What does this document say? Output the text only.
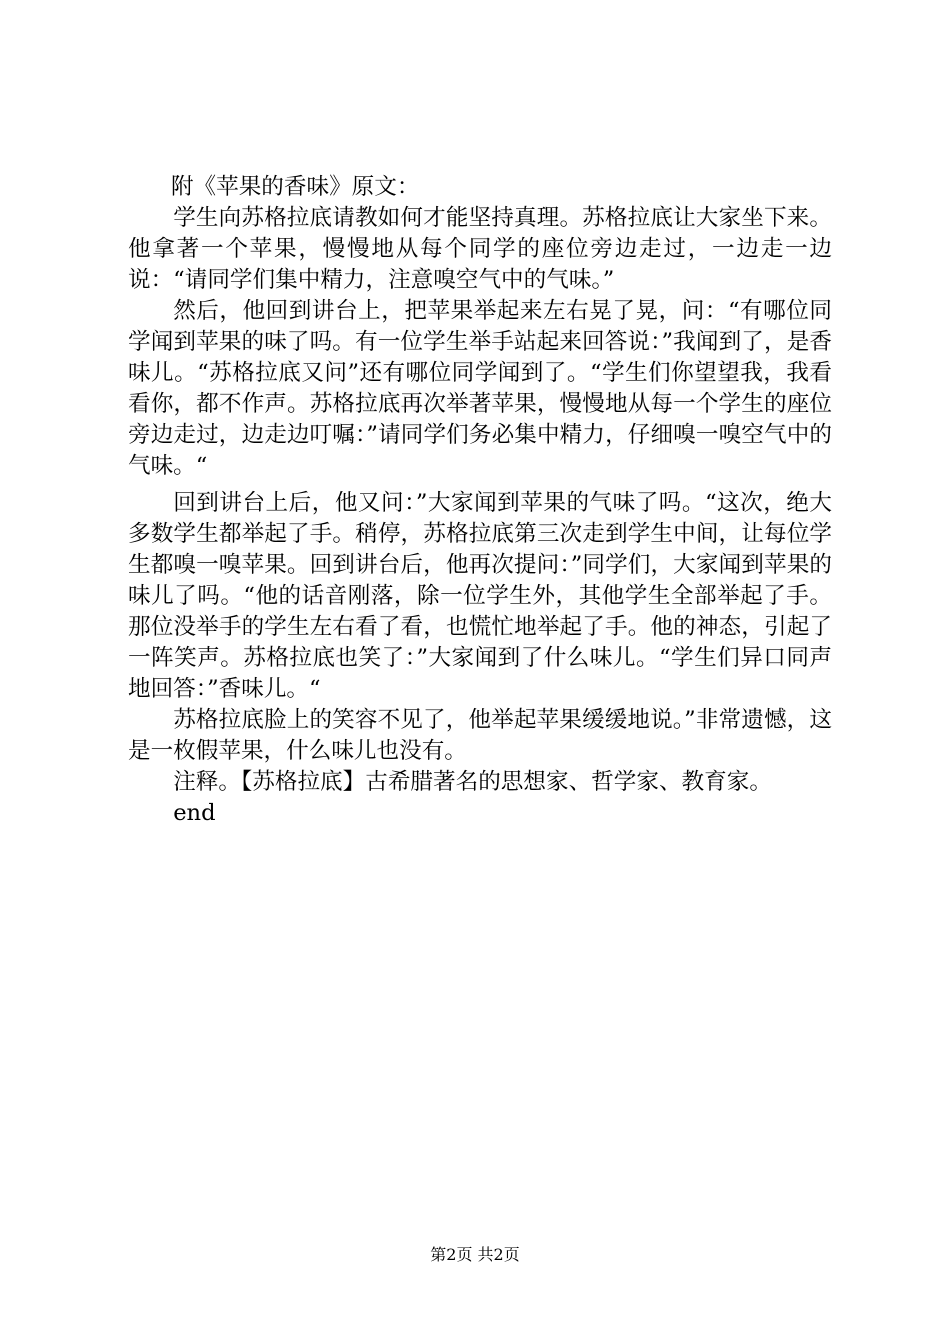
附《苹果的香味》原文：

学生向苏格拉底请教如何才能坚持真理。苏格拉底让大家坐下来。他拿著一个苹果，慢慢地从每个同学的座位旁边走过，一边走一边说：“请同学们集中精力，注意嗅空气中的气味。”

然后，他回到讲台上，把苹果举起来左右晃了晃，问：“有哪位同学闻到苹果的味了吗。有一位学生举手站起来回答说：”我闻到了，是香味儿。“苏格拉底又问”还有哪位同学闻到了。“学生们你望望我，我看看你，都不作声。苏格拉底再次举著苹果，慢慢地从每一个学生的座位旁边走过，边走边叮嘱：”请同学们务必集中精力，仔细嗅一嗅空气中的气味。“

回到讲台上后，他又问：”大家闻到苹果的气味了吗。“这次，绝大多数学生都举起了手。稍停，苏格拉底第三次走到学生中间，让每位学生都嗅一嗅苹果。回到讲台后，他再次提问：”同学们，大家闻到苹果的味儿了吗。“他的话音刚落，除一位学生外，其他学生全部举起了手。那位没举手的学生左右看了看，也慌忙地举起了手。他的神态，引起了一阵笑声。苏格拉底也笑了：”大家闻到了什么味儿。“学生们异口同声地回答：”香味儿。“

苏格拉底脸上的笑容不见了，他举起苹果缓缓地说。”非常遗憾，这是一枚假苹果，什么味儿也没有。

注释。【苏格拉底】古希腊著名的思想家、哲学家、教育家。

end

第2页 共2页
